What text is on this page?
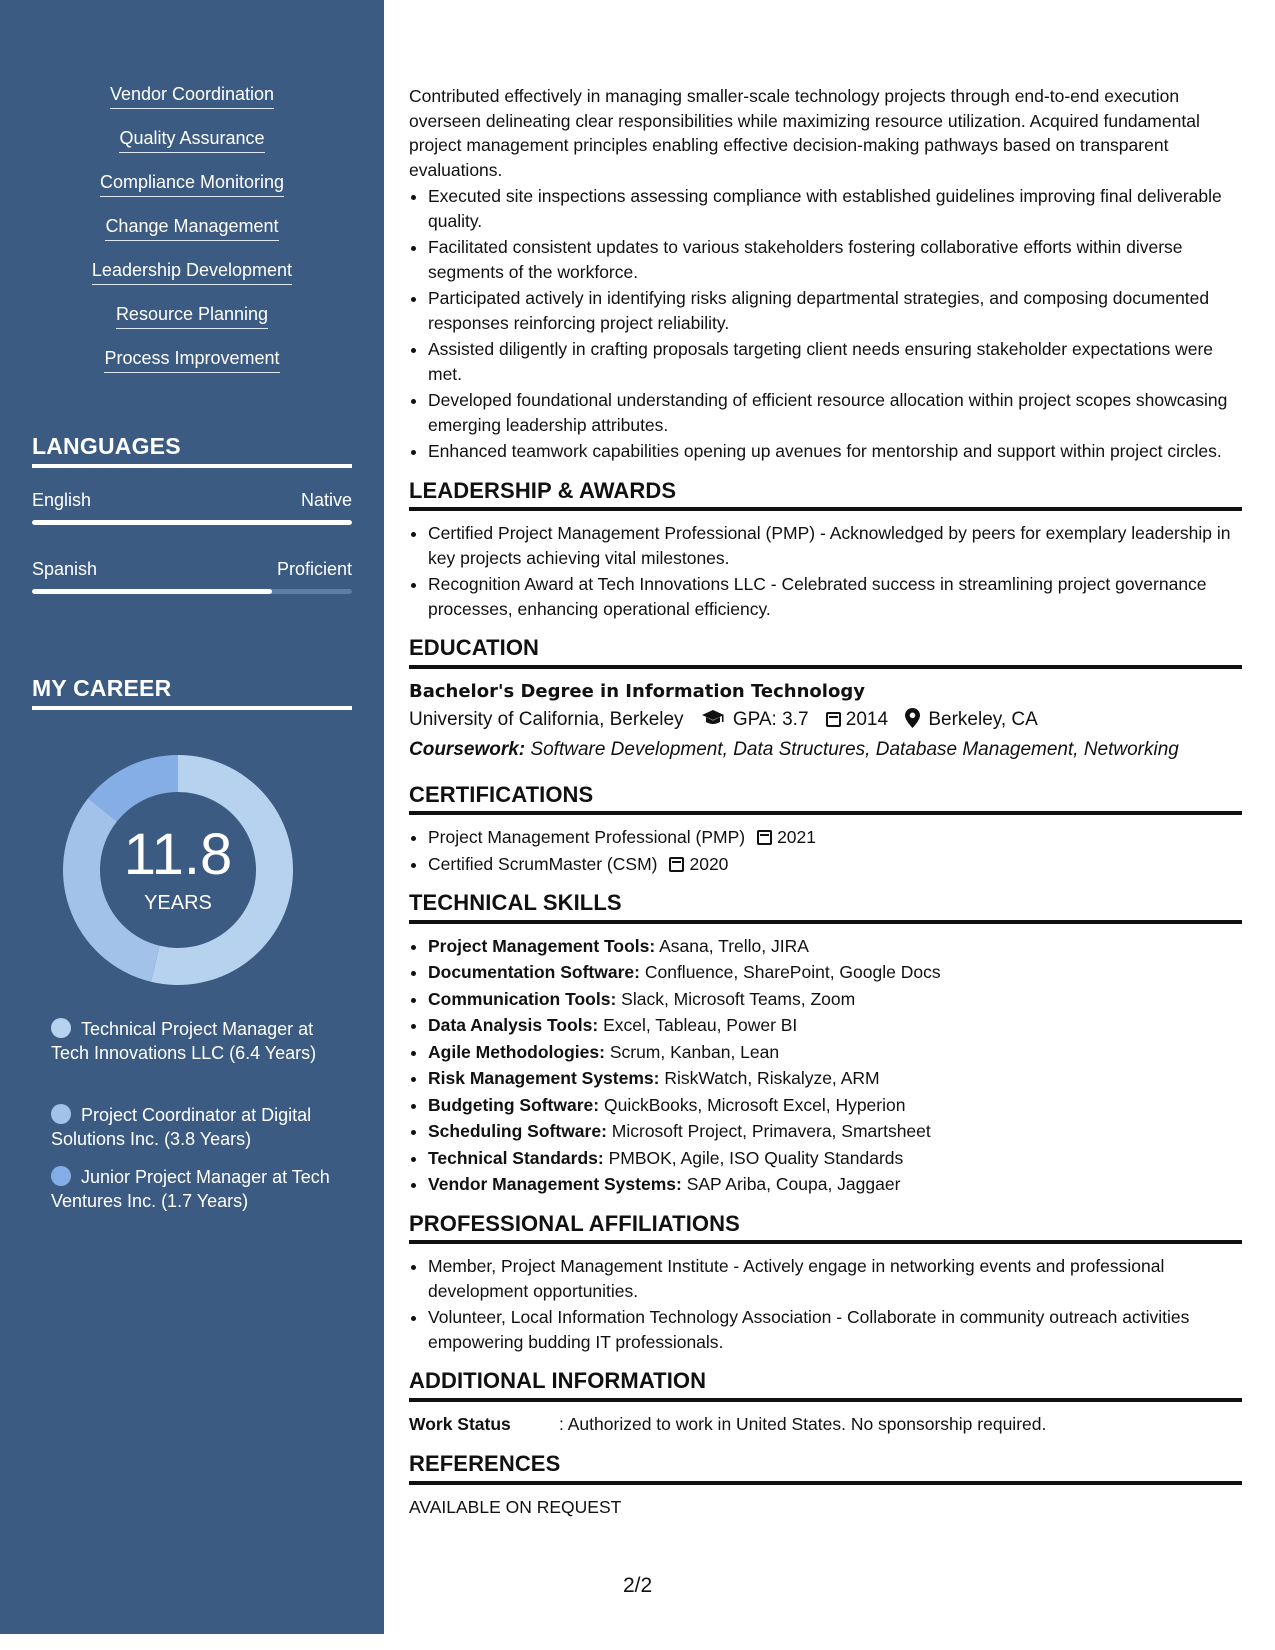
Vendor Coordination
Quality Assurance
Compliance Monitoring
Change Management
Leadership Development
Resource Planning
Process Improvement
LANGUAGES
English	Native
Spanish	Proficient
MY CAREER
11.8
YEARS
Technical Project Manager at Tech Innovations LLC (6.4 Years)
Project Coordinator at Digital Solutions Inc. (3.8 Years)
Junior Project Manager at Tech Ventures Inc. (1.7 Years)

Contributed effectively in managing smaller-scale technology projects through end-to-end execution overseen delineating clear responsibilities while maximizing resource utilization. Acquired fundamental project management principles enabling effective decision-making pathways based on transparent evaluations.

• Executed site inspections assessing compliance with established guidelines improving final deliverable quality.
• Facilitated consistent updates to various stakeholders fostering collaborative efforts within diverse segments of the workforce.
• Participated actively in identifying risks aligning departmental strategies, and composing documented responses reinforcing project reliability.
• Assisted diligently in crafting proposals targeting client needs ensuring stakeholder expectations were met.
• Developed foundational understanding of efficient resource allocation within project scopes showcasing emerging leadership attributes.
• Enhanced teamwork capabilities opening up avenues for mentorship and support within project circles.
LEADERSHIP & AWARDS
• Certified Project Management Professional (PMP) - Acknowledged by peers for exemplary leadership in key projects achieving vital milestones.
• Recognition Award at Tech Innovations LLC - Celebrated success in streamlining project governance processes, enhancing operational efficiency.
EDUCATION
Bachelor's Degree in Information Technology
University of California, Berkeley	GPA: 3.7 2014 Berkeley, CA
Coursework: Software Development, Data Structures, Database Management, Networking
CERTIFICATIONS
• Project Management Professional (PMP) 2021
• Certified ScrumMaster (CSM) 2020
TECHNICAL SKILLS
• Project Management Tools: Asana, Trello, JIRA
• Documentation Software: Confluence, SharePoint, Google Docs
• Communication Tools: Slack, Microsoft Teams, Zoom
• Data Analysis Tools: Excel, Tableau, Power BI
• Agile Methodologies: Scrum, Kanban, Lean
• Risk Management Systems: RiskWatch, Riskalyze, ARM
• Budgeting Software: QuickBooks, Microsoft Excel, Hyperion
• Scheduling Software: Microsoft Project, Primavera, Smartsheet
• Technical Standards: PMBOK, Agile, ISO Quality Standards
• Vendor Management Systems: SAP Ariba, Coupa, Jaggaer
PROFESSIONAL AFFILIATIONS
• Member, Project Management Institute - Actively engage in networking events and professional development opportunities.
• Volunteer, Local Information Technology Association - Collaborate in community outreach activities empowering budding IT professionals.
ADDITIONAL INFORMATION
Work Status	: Authorized to work in United States. No sponsorship required.
REFERENCES
AVAILABLE ON REQUEST
2/2
